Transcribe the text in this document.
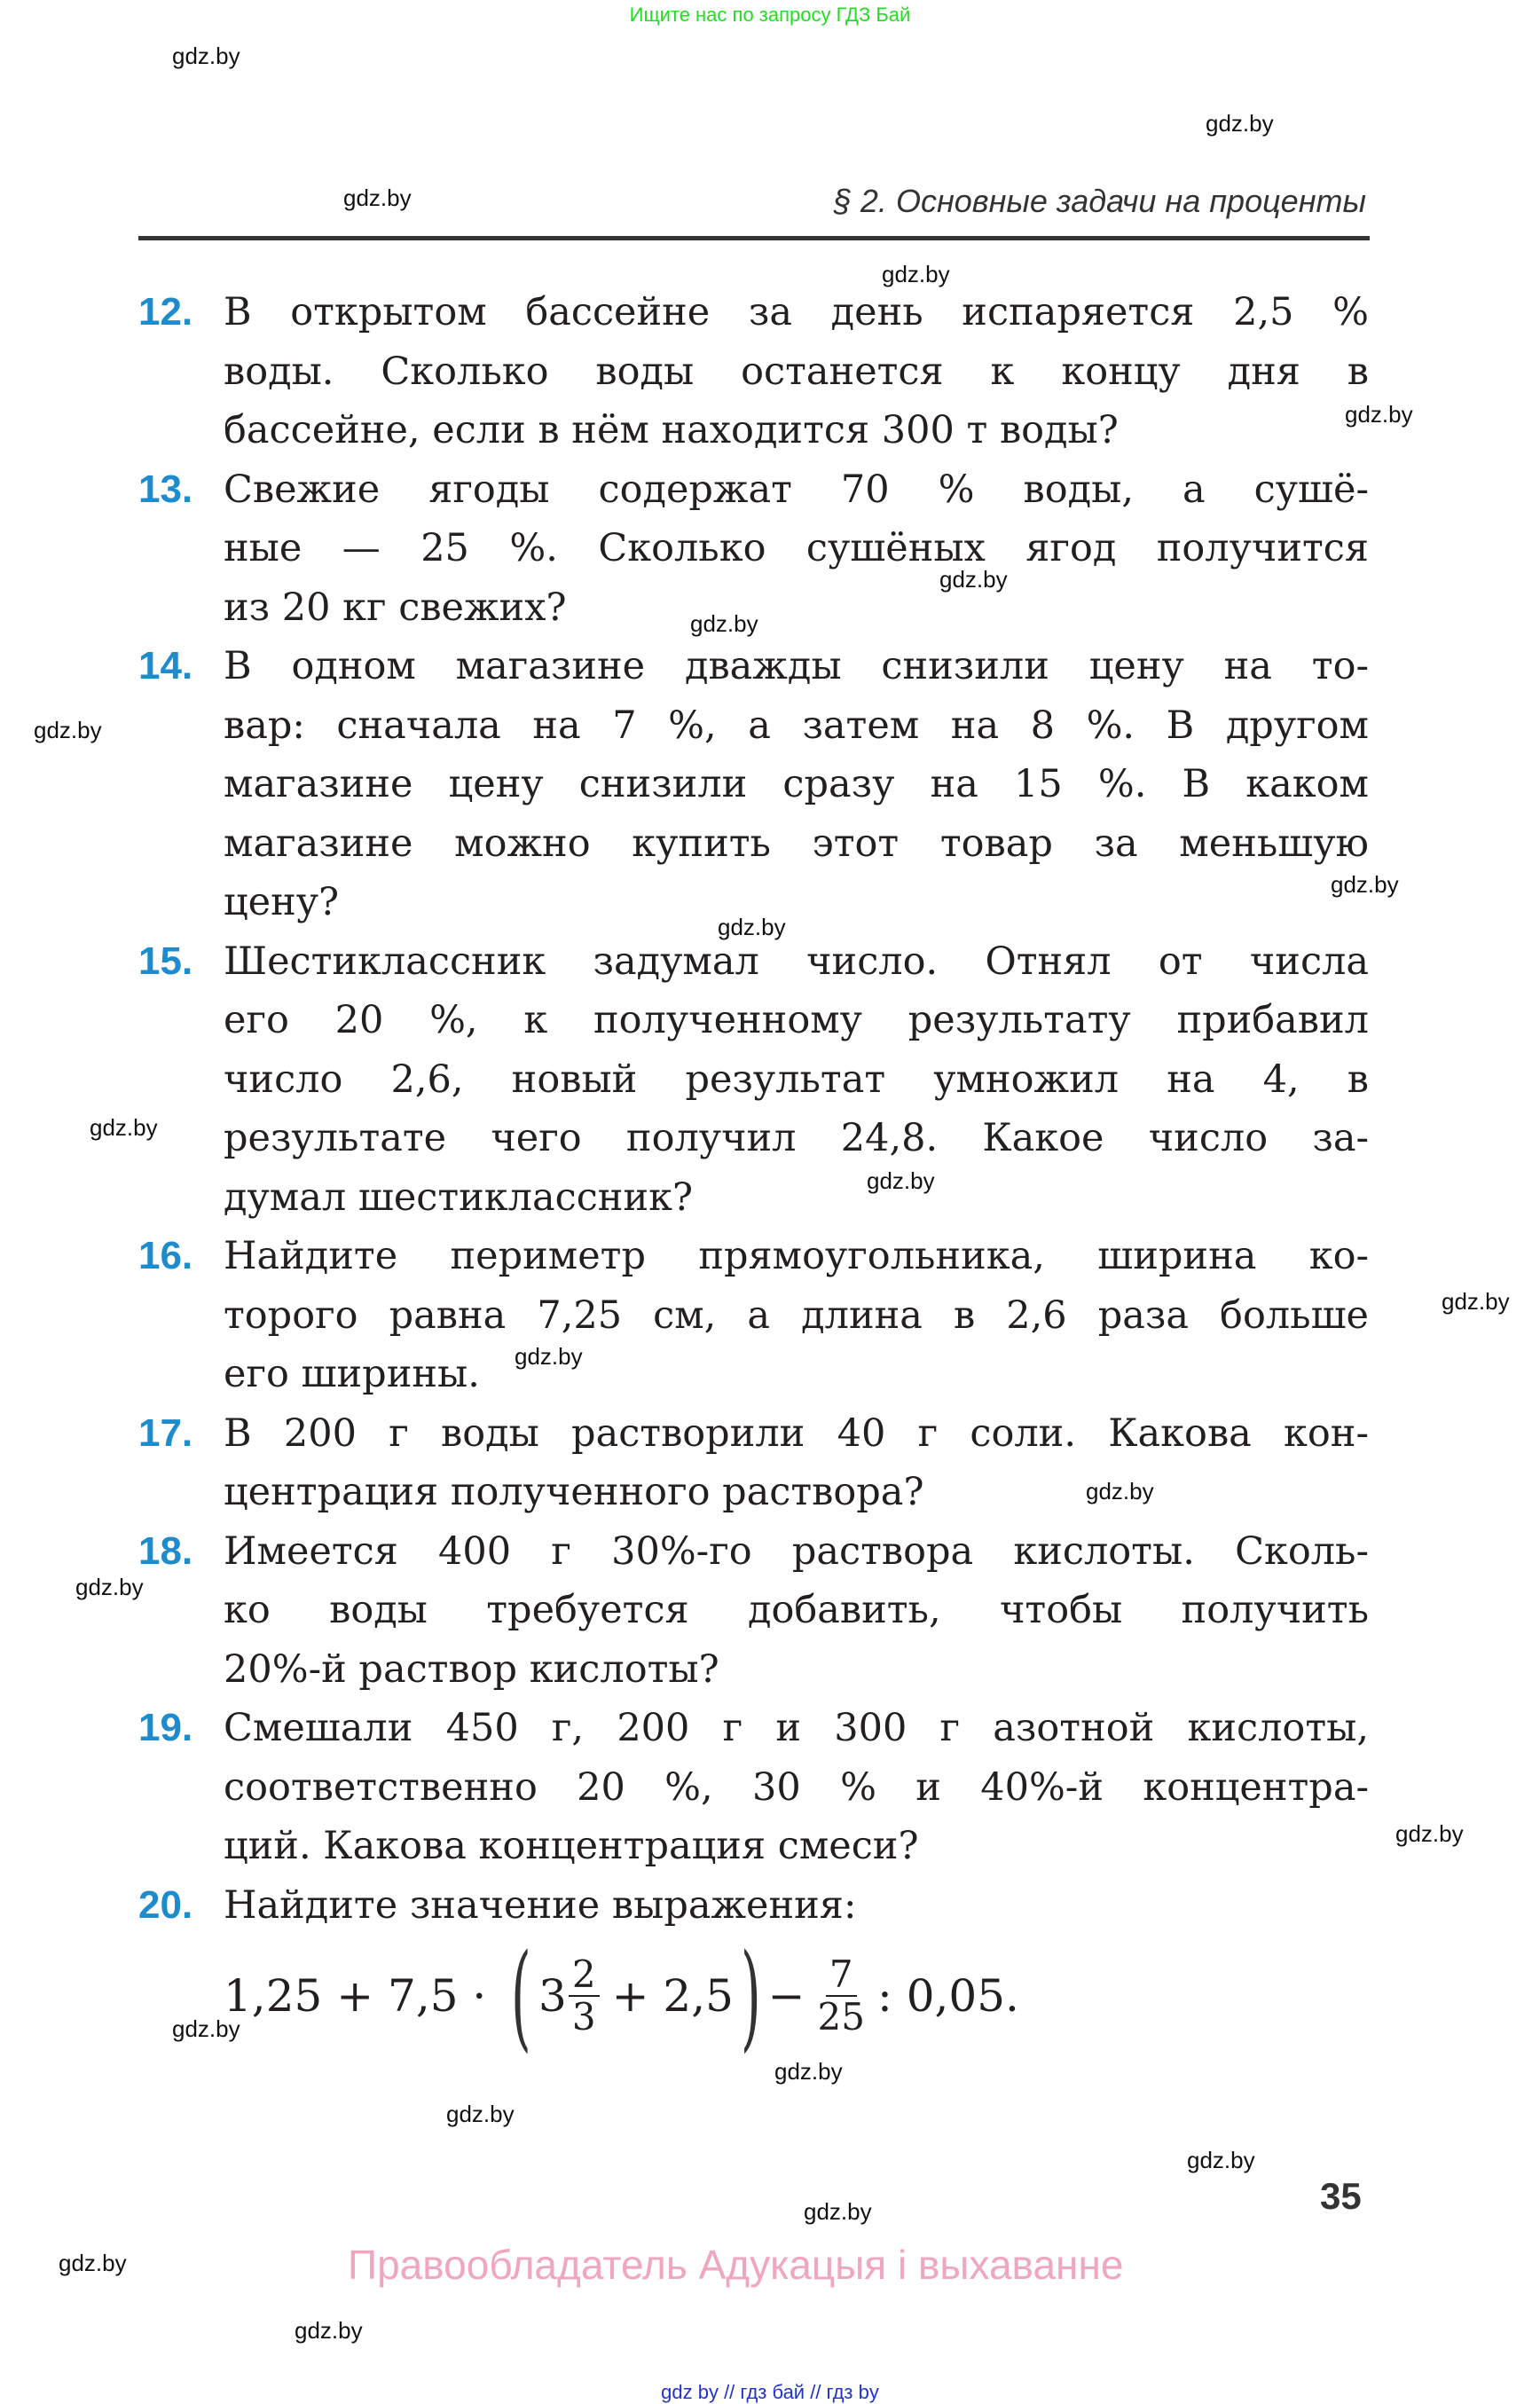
Ищите нас по запросу ГДЗ Бай
§ 2. Основные задачи на проценты
12. В открытом бассейне за день испаряется 2,5 %
воды. Сколько воды останется к концу дня в
бассейне, если в нём находится 300 т воды?
13. Свежие ягоды содержат 70 % воды, а сушё-
ные — 25 %. Сколько сушёных ягод получится
из 20 кг свежих?
14. В одном магазине дважды снизили цену на то-
вар: сначала на 7 %, а затем на 8 %. В другом
магазине цену снизили сразу на 15 %. В каком
магазине можно купить этот товар за меньшую
цену?
15. Шестиклассник задумал число. Отнял от числа
его 20 %, к полученному результату прибавил
число 2,6, новый результат умножил на 4, в
результате чего получил 24,8. Какое число за-
думал шестиклассник?
16. Найдите периметр прямоугольника, ширина ко-
торого равна 7,25 см, а длина в 2,6 раза больше
его ширины.
17. В 200 г воды растворили 40 г соли. Какова кон-
центрация полученного раствора?
18. Имеется 400 г 30%-го раствора кислоты. Сколь-
ко воды требуется добавить, чтобы получить
20%-й раствор кислоты?
19. Смешали 450 г, 200 г и 300 г азотной кислоты,
соответственно 20 %, 30 % и 40%-й концентра-
ций. Какова концентрация смеси?
20. Найдите значение выражения:
1,25 + 7,5 · ( $3 \frac{2}{3} + 2,5$ ) − $\frac{7}{25}$ : 0,05.
35
Правообладатель Адукацыя і выхаванне
gdz by // гдз бай // гдз by
gdz.by
gdz.by
gdz.by
gdz.by
gdz.by
gdz.by
gdz.by
gdz.by
gdz.by
gdz.by
gdz.by
gdz.by
gdz.by
gdz.by
gdz.by
gdz.by
gdz.by
gdz.by
gdz.by
gdz.by
gdz.by
gdz.by
gdz.by
gdz.by
